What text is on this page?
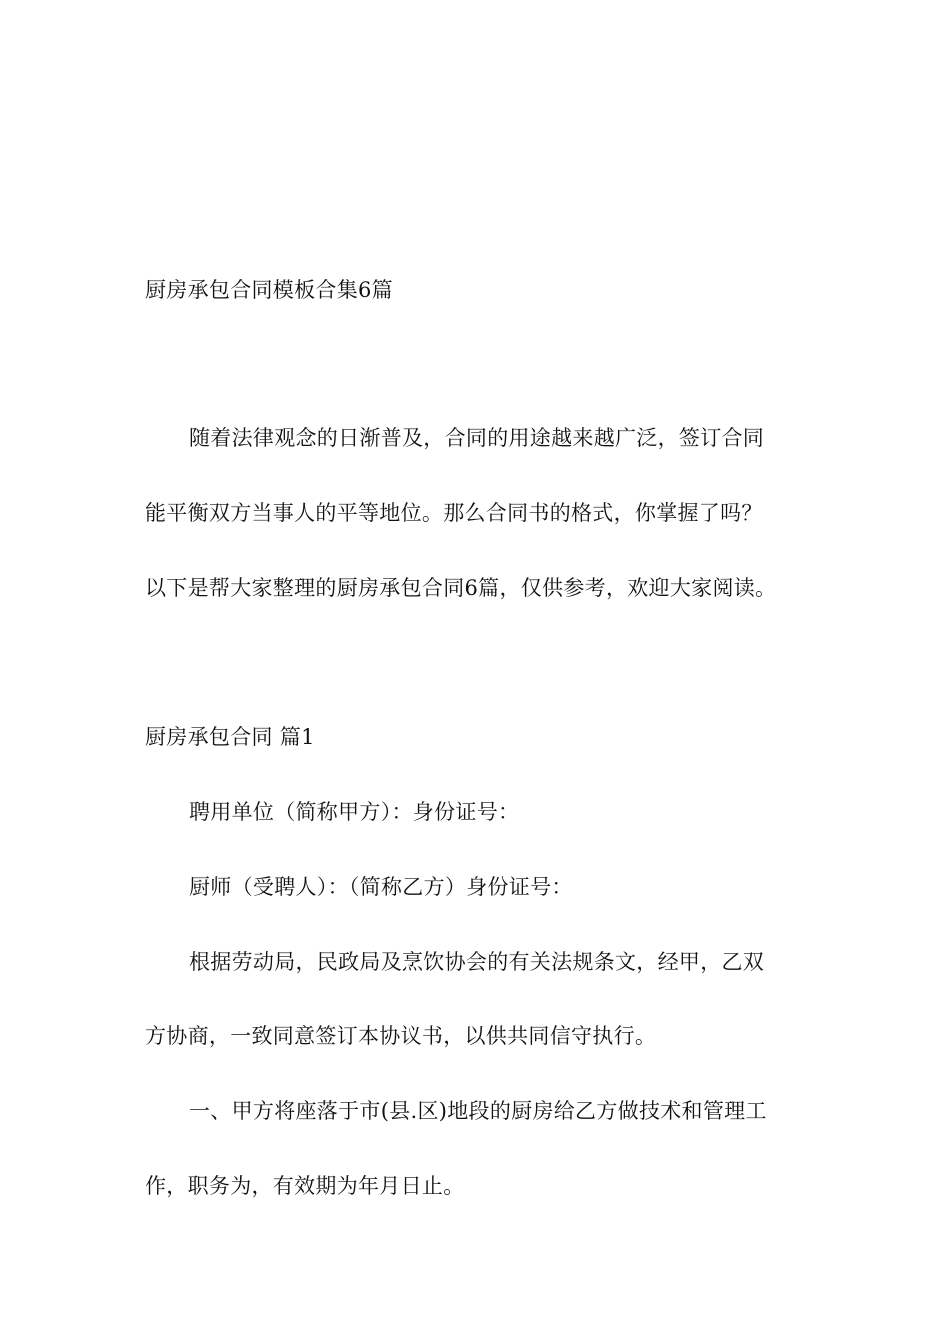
厨房承包合同模板合集6篇
随着法律观念的日渐普及，合同的用途越来越广泛，签订合同
能平衡双方当事人的平等地位。那么合同书的格式，你掌握了吗？
以下是帮大家整理的厨房承包合同6篇，仅供参考，欢迎大家阅读。
厨房承包合同 篇1
聘用单位（简称甲方）：身份证号：
厨师（受聘人）：（简称乙方）身份证号：
根据劳动局，民政局及烹饮协会的有关法规条文，经甲，乙双
方协商，一致同意签订本协议书，以供共同信守执行。
一、甲方将座落于市(县.区)地段的厨房给乙方做技术和管理工
作，职务为，有效期为年月日止。
